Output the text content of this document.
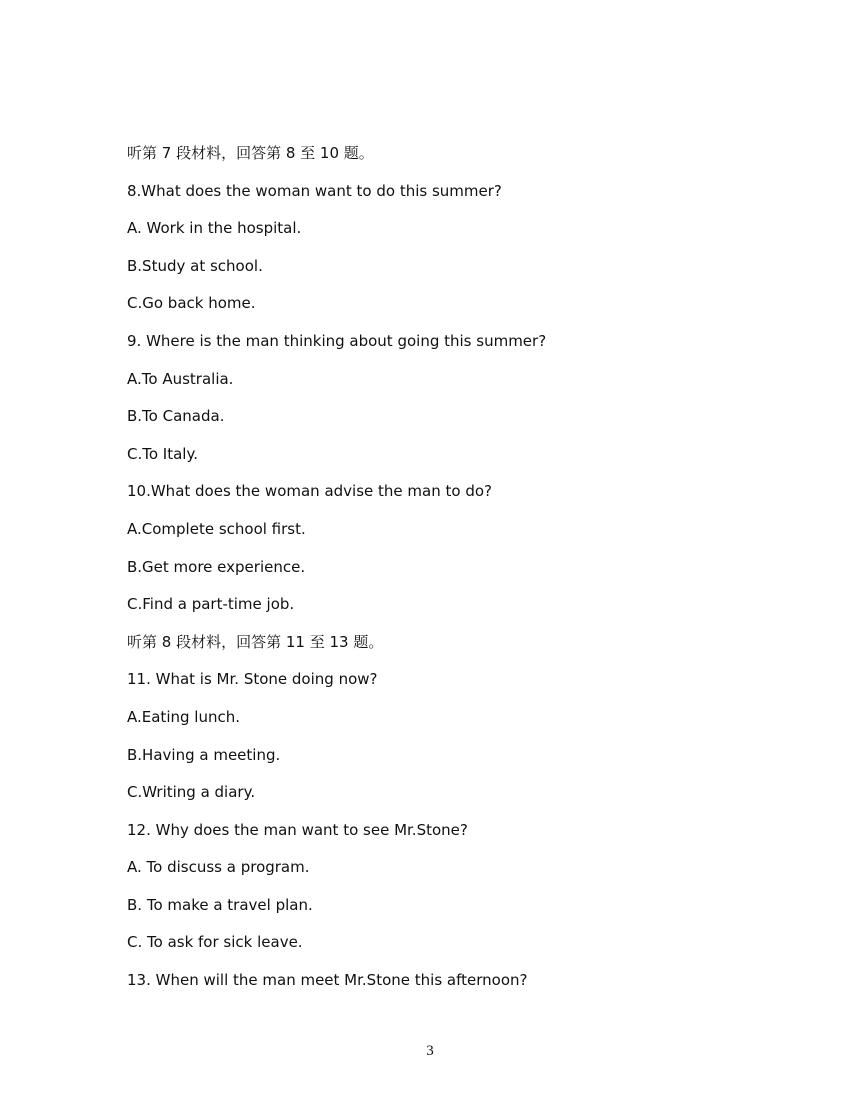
听第 7 段材料，回答第 8 至 10 题。
8.What does the woman want to do this summer?
A. Work in the hospital.
B.Study at school.
C.Go back home.
9. Where is the man thinking about going this summer?
A.To Australia.
B.To Canada.
C.To Italy.
10.What does the woman advise the man to do?
A.Complete school first.
B.Get more experience.
C.Find a part-time job.
听第 8 段材料，回答第 11 至 13 题。
11. What is Mr. Stone doing now?
A.Eating lunch.
B.Having a meeting.
C.Writing a diary.
12. Why does the man want to see Mr.Stone?
A. To discuss a program.
B. To make a travel plan.
C. To ask for sick leave.
13. When will the man meet Mr.Stone this afternoon?
3
